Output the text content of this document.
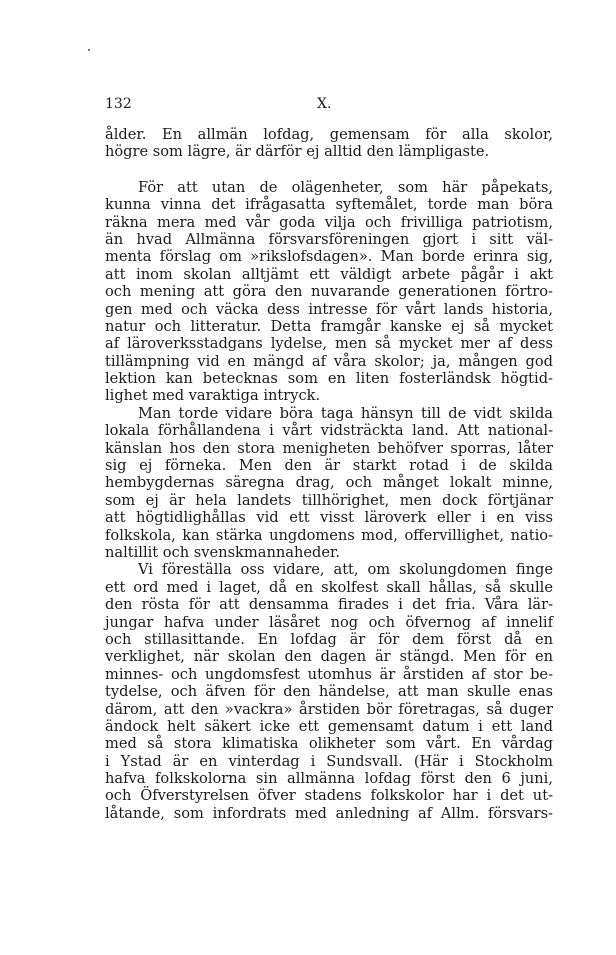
132	X.
ålder. En allmän lofdag, gemensam för alla skolor,
högre som lägre, är därför ej alltid den lämpligaste.
För att utan de olägenheter, som här påpekats,
kunna vinna det ifrågasatta syftemålet, torde man böra
räkna mera med vår goda vilja och frivilliga patriotism,
än hvad Allmänna försvarsföreningen gjort i sitt väl-
menta förslag om »rikslofsdagen». Man borde erinra sig,
att inom skolan alltjämt ett väldigt arbete pågår i akt
och mening att göra den nuvarande generationen förtro-
gen med och väcka dess intresse för vårt lands historia,
natur och litteratur. Detta framgår kanske ej så mycket
af läroverksstadgans lydelse, men så mycket mer af dess
tillämpning vid en mängd af våra skolor; ja, mången god
lektion kan betecknas som en liten fosterländsk högtid-
lighet med varaktiga intryck.
Man torde vidare böra taga hänsyn till de vidt skilda
lokala förhållandena i vårt vidsträckta land. Att national-
känslan hos den stora menigheten behöfver sporras, låter
sig ej förneka. Men den är starkt rotad i de skilda
hembygdernas säregna drag, och månget lokalt minne,
som ej är hela landets tillhörighet, men dock förtjänar
att högtidlighållas vid ett visst läroverk eller i en viss
folkskola, kan stärka ungdomens mod, offervillighet, natio-
naltillit och svenskmannaheder.
Vi föreställa oss vidare, att, om skolungdomen finge
ett ord med i laget, då en skolfest skall hållas, så skulle
den rösta för att densamma firades i det fria. Våra lär-
jungar hafva under läsåret nog och öfvernog af innelif
och stillasittande. En lofdag är för dem först då en
verklighet, när skolan den dagen är stängd. Men för en
minnes- och ungdomsfest utomhus är årstiden af stor be-
tydelse, och äfven för den händelse, att man skulle enas
därom, att den »vackra» årstiden bör företragas, så duger
ändock helt säkert icke ett gemensamt datum i ett land
med så stora klimatiska olikheter som vårt. En vårdag
i Ystad är en vinterdag i Sundsvall. (Här i Stockholm
hafva folkskolorna sin allmänna lofdag först den 6 juni,
och Öfverstyrelsen öfver stadens folkskolor har i det ut-
låtande, som infordrats med anledning af Allm. försvars-
